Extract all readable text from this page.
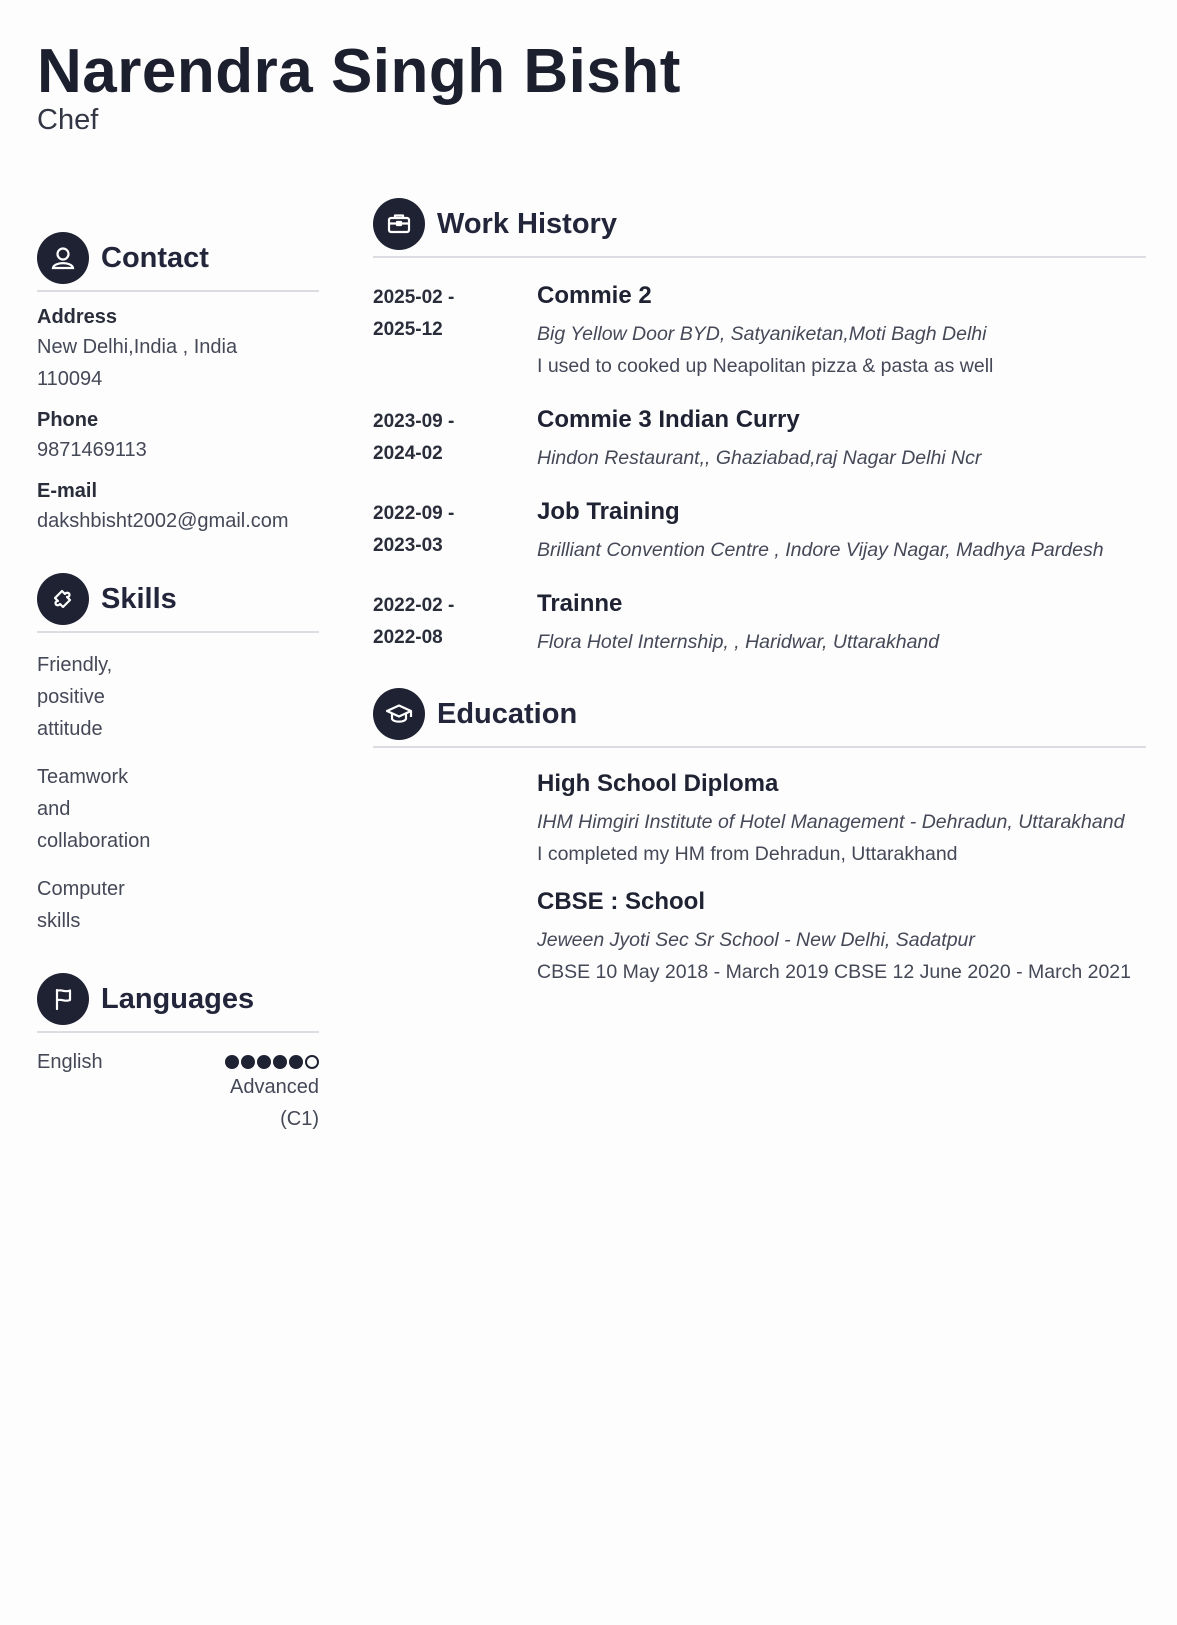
Narendra Singh Bisht
Chef
Contact
Address
New Delhi,India , India
110094
Phone
9871469113
E-mail
dakshbisht2002@gmail.com
Skills
Friendly,
positive
attitude
Teamwork
and
collaboration
Computer
skills
Languages
English
Advanced
(C1)
Work History
2025-02 -
2025-12
Commie 2
Big Yellow Door BYD, Satyaniketan,Moti Bagh Delhi
I used to cooked up Neapolitan pizza & pasta as well
2023-09 -
2024-02
Commie 3 Indian Curry
Hindon Restaurant,, Ghaziabad,raj Nagar Delhi Ncr
2022-09 -
2023-03
Job Training
Brilliant Convention Centre , Indore Vijay Nagar, Madhya Pardesh
2022-02 -
2022-08
Trainne
Flora Hotel Internship, , Haridwar, Uttarakhand
Education
High School Diploma
IHM Himgiri Institute of Hotel Management - Dehradun, Uttarakhand
I completed my HM from Dehradun, Uttarakhand
CBSE : School
Jeween Jyoti Sec Sr School - New Delhi, Sadatpur
CBSE 10 May 2018 - March 2019 CBSE 12 June 2020 - March 2021
